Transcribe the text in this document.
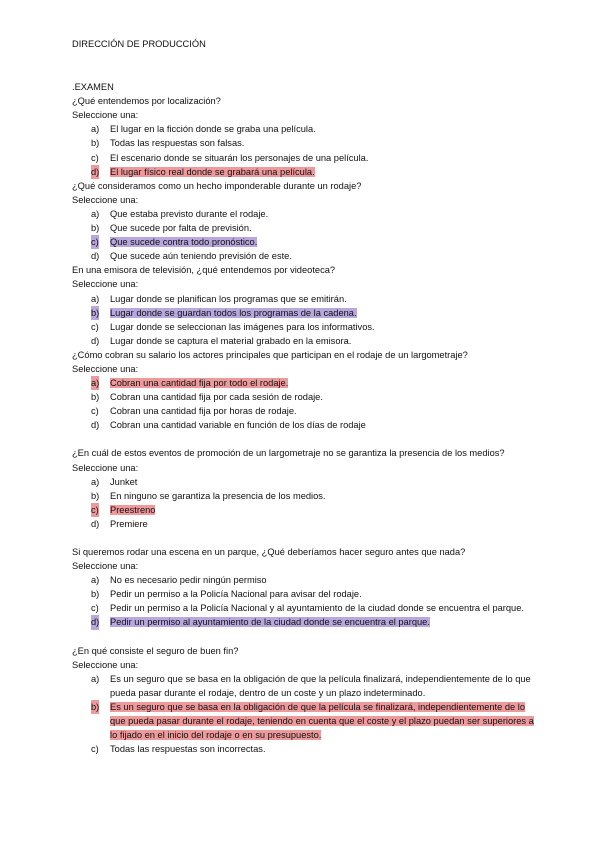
DIRECCIÓN DE PRODUCCIÓN

.EXAMEN

¿Qué entendemos por localización?

Seleccione una:

a) El lugar en la ficción donde se graba una película.
b) Todas las respuestas son falsas.
c) El escenario donde se situarán los personajes de una película.
d) El lugar físico real donde se grabará una película.

¿Qué consideramos como un hecho imponderable durante un rodaje?

Seleccione una:

a) Que estaba previsto durante el rodaje.
b) Que sucede por falta de previsión.
c) Que sucede contra todo pronóstico.
d) Que sucede aún teniendo previsión de este.

En una emisora de televisión, ¿qué entendemos por videoteca?

Seleccione una:

a) Lugar donde se planifican los programas que se emitirán.
b) Lugar donde se guardan todos los programas de la cadena.
c) Lugar donde se seleccionan las imágenes para los informativos.
d) Lugar donde se captura el material grabado en la emisora.

¿Cómo cobran su salario los actores principales que participan en el rodaje de un largometraje?

Seleccione una:

a) Cobran una cantidad fija por todo el rodaje.
b) Cobran una cantidad fija por cada sesión de rodaje.
c) Cobran una cantidad fija por horas de rodaje.
d) Cobran una cantidad variable en función de los días de rodaje

¿En cuál de estos eventos de promoción de un largometraje no se garantiza la presencia de los medios?

Seleccione una:

a) Junket
b) En ninguno se garantiza la presencia de los medios.
c) Preestreno
d) Premiere

Si queremos rodar una escena en un parque, ¿Qué deberíamos hacer seguro antes que nada?

Seleccione una:

a) No es necesario pedir ningún permiso
b) Pedir un permiso a la Policía Nacional para avisar del rodaje.
c) Pedir un permiso a la Policía Nacional y al ayuntamiento de la ciudad donde se encuentra el parque.
d) Pedir un permiso al ayuntamiento de la ciudad donde se encuentra el parque.

¿En qué consiste el seguro de buen fin?

Seleccione una:

a) Es un seguro que se basa en la obligación de que la película finalizará, independientemente de lo que pueda pasar durante el rodaje, dentro de un coste y un plazo indeterminado.
b) Es un seguro que se basa en la obligación de que la película se finalizará, independientemente de lo que pueda pasar durante el rodaje, teniendo en cuenta que el coste y el plazo puedan ser superiores a lo fijado en el inicio del rodaje o en su presupuesto.
c) Todas las respuestas son incorrectas.
